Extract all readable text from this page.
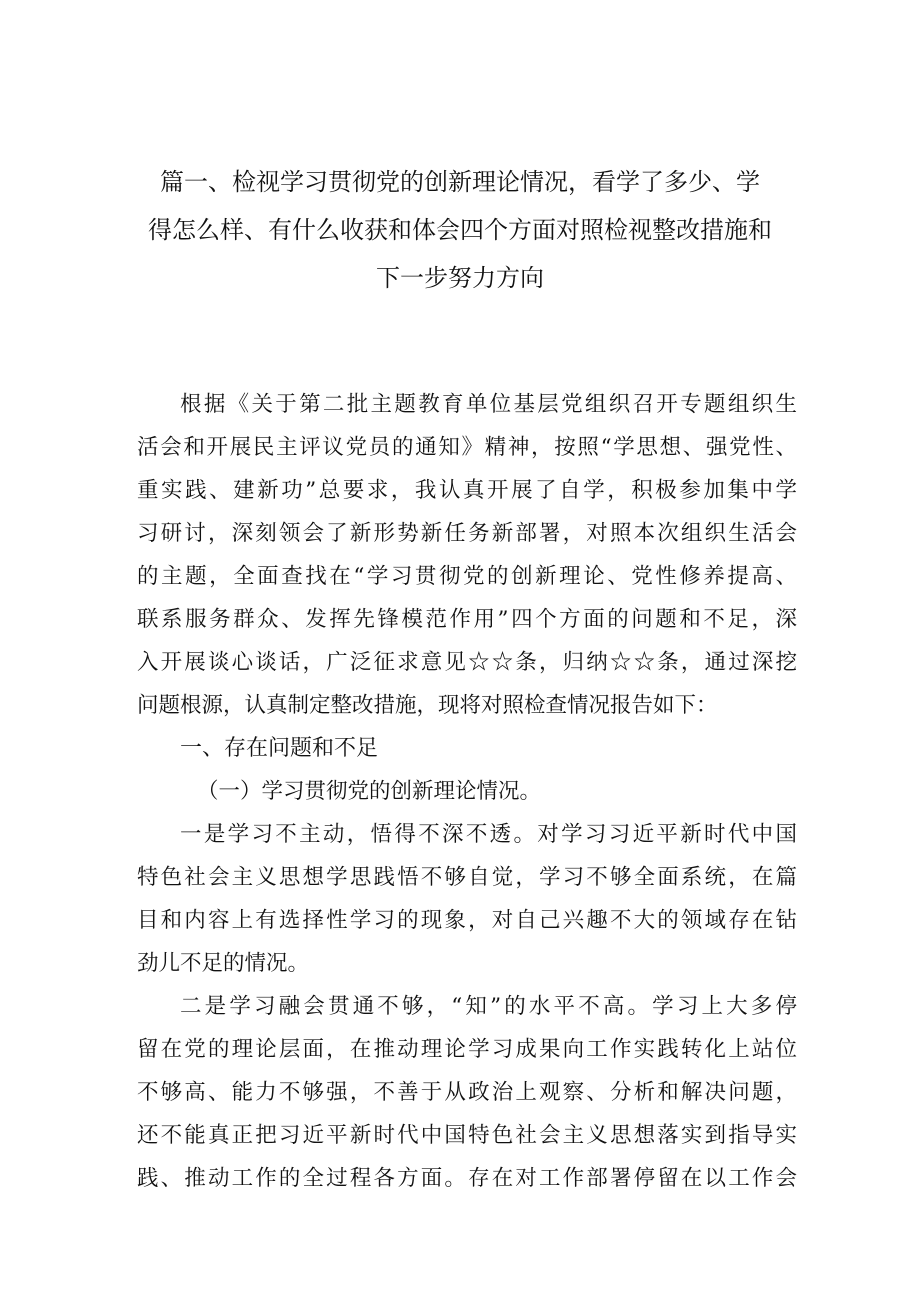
篇一、检视学习贯彻党的创新理论情况，看学了多少、学
得怎么样、有什么收获和体会四个方面对照检视整改措施和
下一步努力方向
根据《关于第二批主题教育单位基层党组织召开专题组织生
活会和开展民主评议党员的通知》精神，按照“学思想、强党性、
重实践、建新功”总要求，我认真开展了自学，积极参加集中学
习研讨，深刻领会了新形势新任务新部署，对照本次组织生活会
的主题，全面查找在“学习贯彻党的创新理论、党性修养提高、
联系服务群众、发挥先锋模范作用”四个方面的问题和不足，深
入开展谈心谈话，广泛征求意见☆☆条，归纳☆☆条，通过深挖
问题根源，认真制定整改措施，现将对照检查情况报告如下：
一、存在问题和不足
（一）学习贯彻党的创新理论情况。
一是学习不主动，悟得不深不透。对学习习近平新时代中国
特色社会主义思想学思践悟不够自觉，学习不够全面系统，在篇
目和内容上有选择性学习的现象，对自己兴趣不大的领域存在钻
劲儿不足的情况。
二是学习融会贯通不够，“知”的水平不高。学习上大多停
留在党的理论层面，在推动理论学习成果向工作实践转化上站位
不够高、能力不够强，不善于从政治上观察、分析和解决问题，
还不能真正把习近平新时代中国特色社会主义思想落实到指导实
践、推动工作的全过程各方面。存在对工作部署停留在以工作会
